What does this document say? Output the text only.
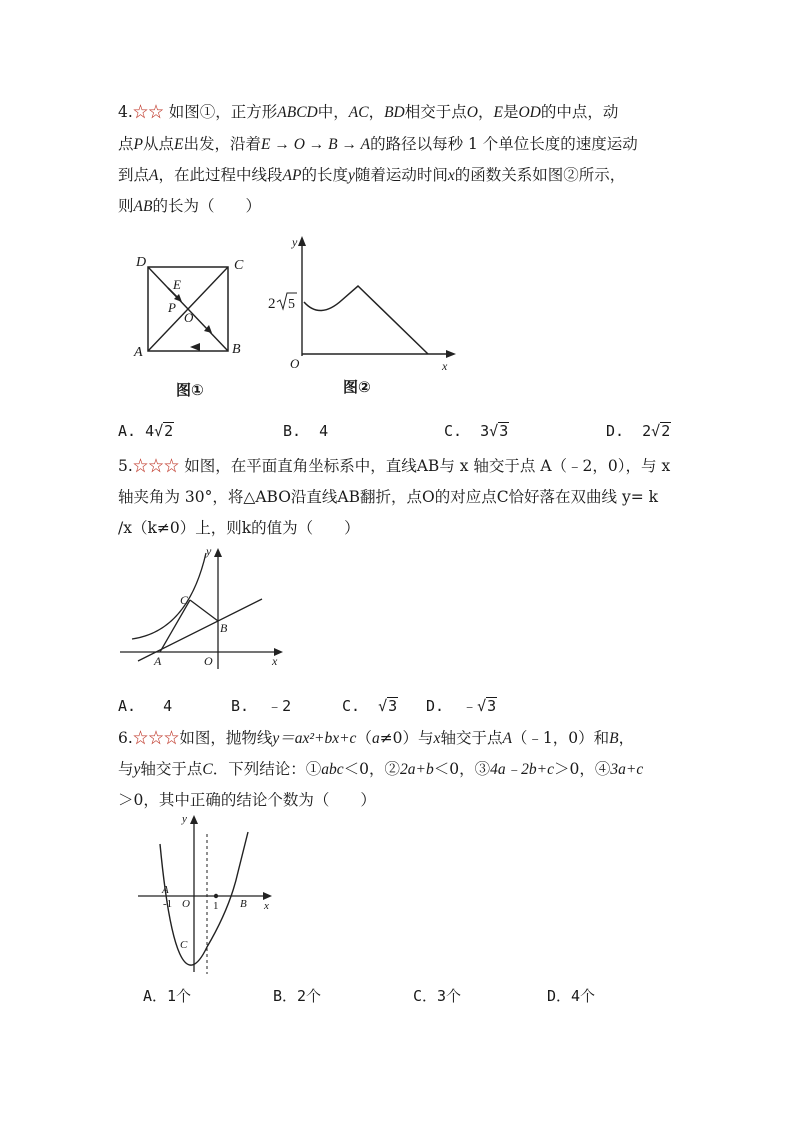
4.☆☆ 如图①，正方形ABCD中，AC，BD相交于点O，E是OD的中点，动
点P从点E出发，沿着E → O → B → A的路径以每秒 1 个单位长度的速度运动
到点A，在此过程中线段AP的长度y随着运动时间x的函数关系如图②所示，
则AB的长为（　　）
D	C
A	B
E
P
O
图①
y
x
O
2 5
图②
A. 4√2	B. 4	C. 3√3	D. 2√2
5.☆☆☆ 如图，在平面直角坐标系中，直线AB与 x 轴交于点 A（﹣2，0），与 x
轴夹角为 30°，将△ABO沿直线AB翻折，点O的对应点C恰好落在双曲线 y= k
/x（k≠0）上，则k的值为（　　）
y
x
C
B
A	O
A. 4	B. ﹣2	C. √3 D. ﹣√3
6.☆☆☆如图，抛物线y＝ax²+bx+c（a≠0）与x轴交于点A（﹣1，0）和B，
与y轴交于点C．下列结论：①abc＜0，②2a+b＜0，③4a﹣2b+c＞0，④3a+c
＞0，其中正确的结论个数为（　　）
y
x
A
-1 O 1 B
C
A．1个	B．2个	C．3个	D．4个
